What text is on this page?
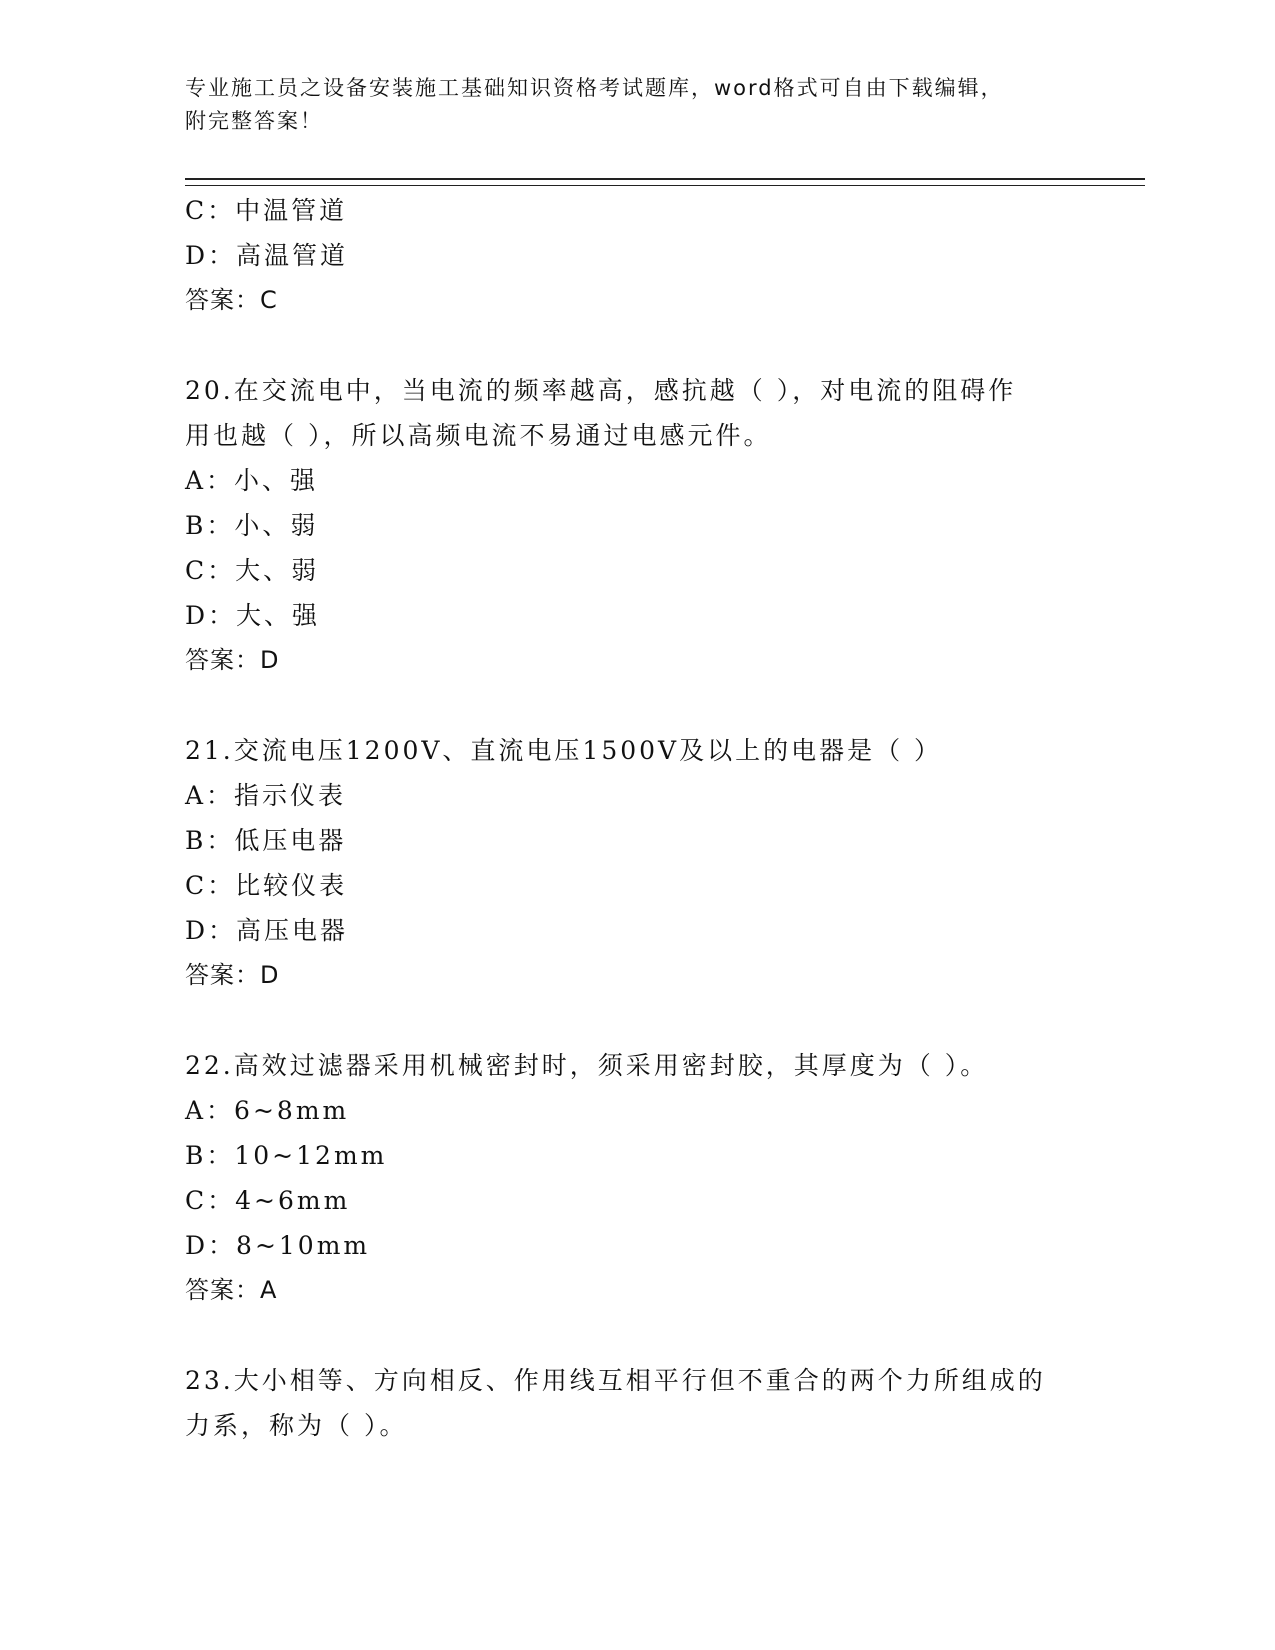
专业施工员之设备安装施工基础知识资格考试题库，word格式可自由下载编辑，
附完整答案！
C：中温管道
D：高温管道
答案：C
20.在交流电中，当电流的频率越高，感抗越（ ），对电流的阻碍作
用也越（ ），所以高频电流不易通过电感元件。
A：小、强
B：小、弱
C：大、弱
D：大、强
答案：D
21.交流电压1200V、直流电压1500V及以上的电器是（ ）
A：指示仪表
B：低压电器
C：比较仪表
D：高压电器
答案：D
22.高效过滤器采用机械密封时，须采用密封胶，其厚度为（ ）。
A：6~8mm
B：10~12mm
C：4~6mm
D：8~10mm
答案：A
23.大小相等、方向相反、作用线互相平行但不重合的两个力所组成的
力系，称为（ ）。
